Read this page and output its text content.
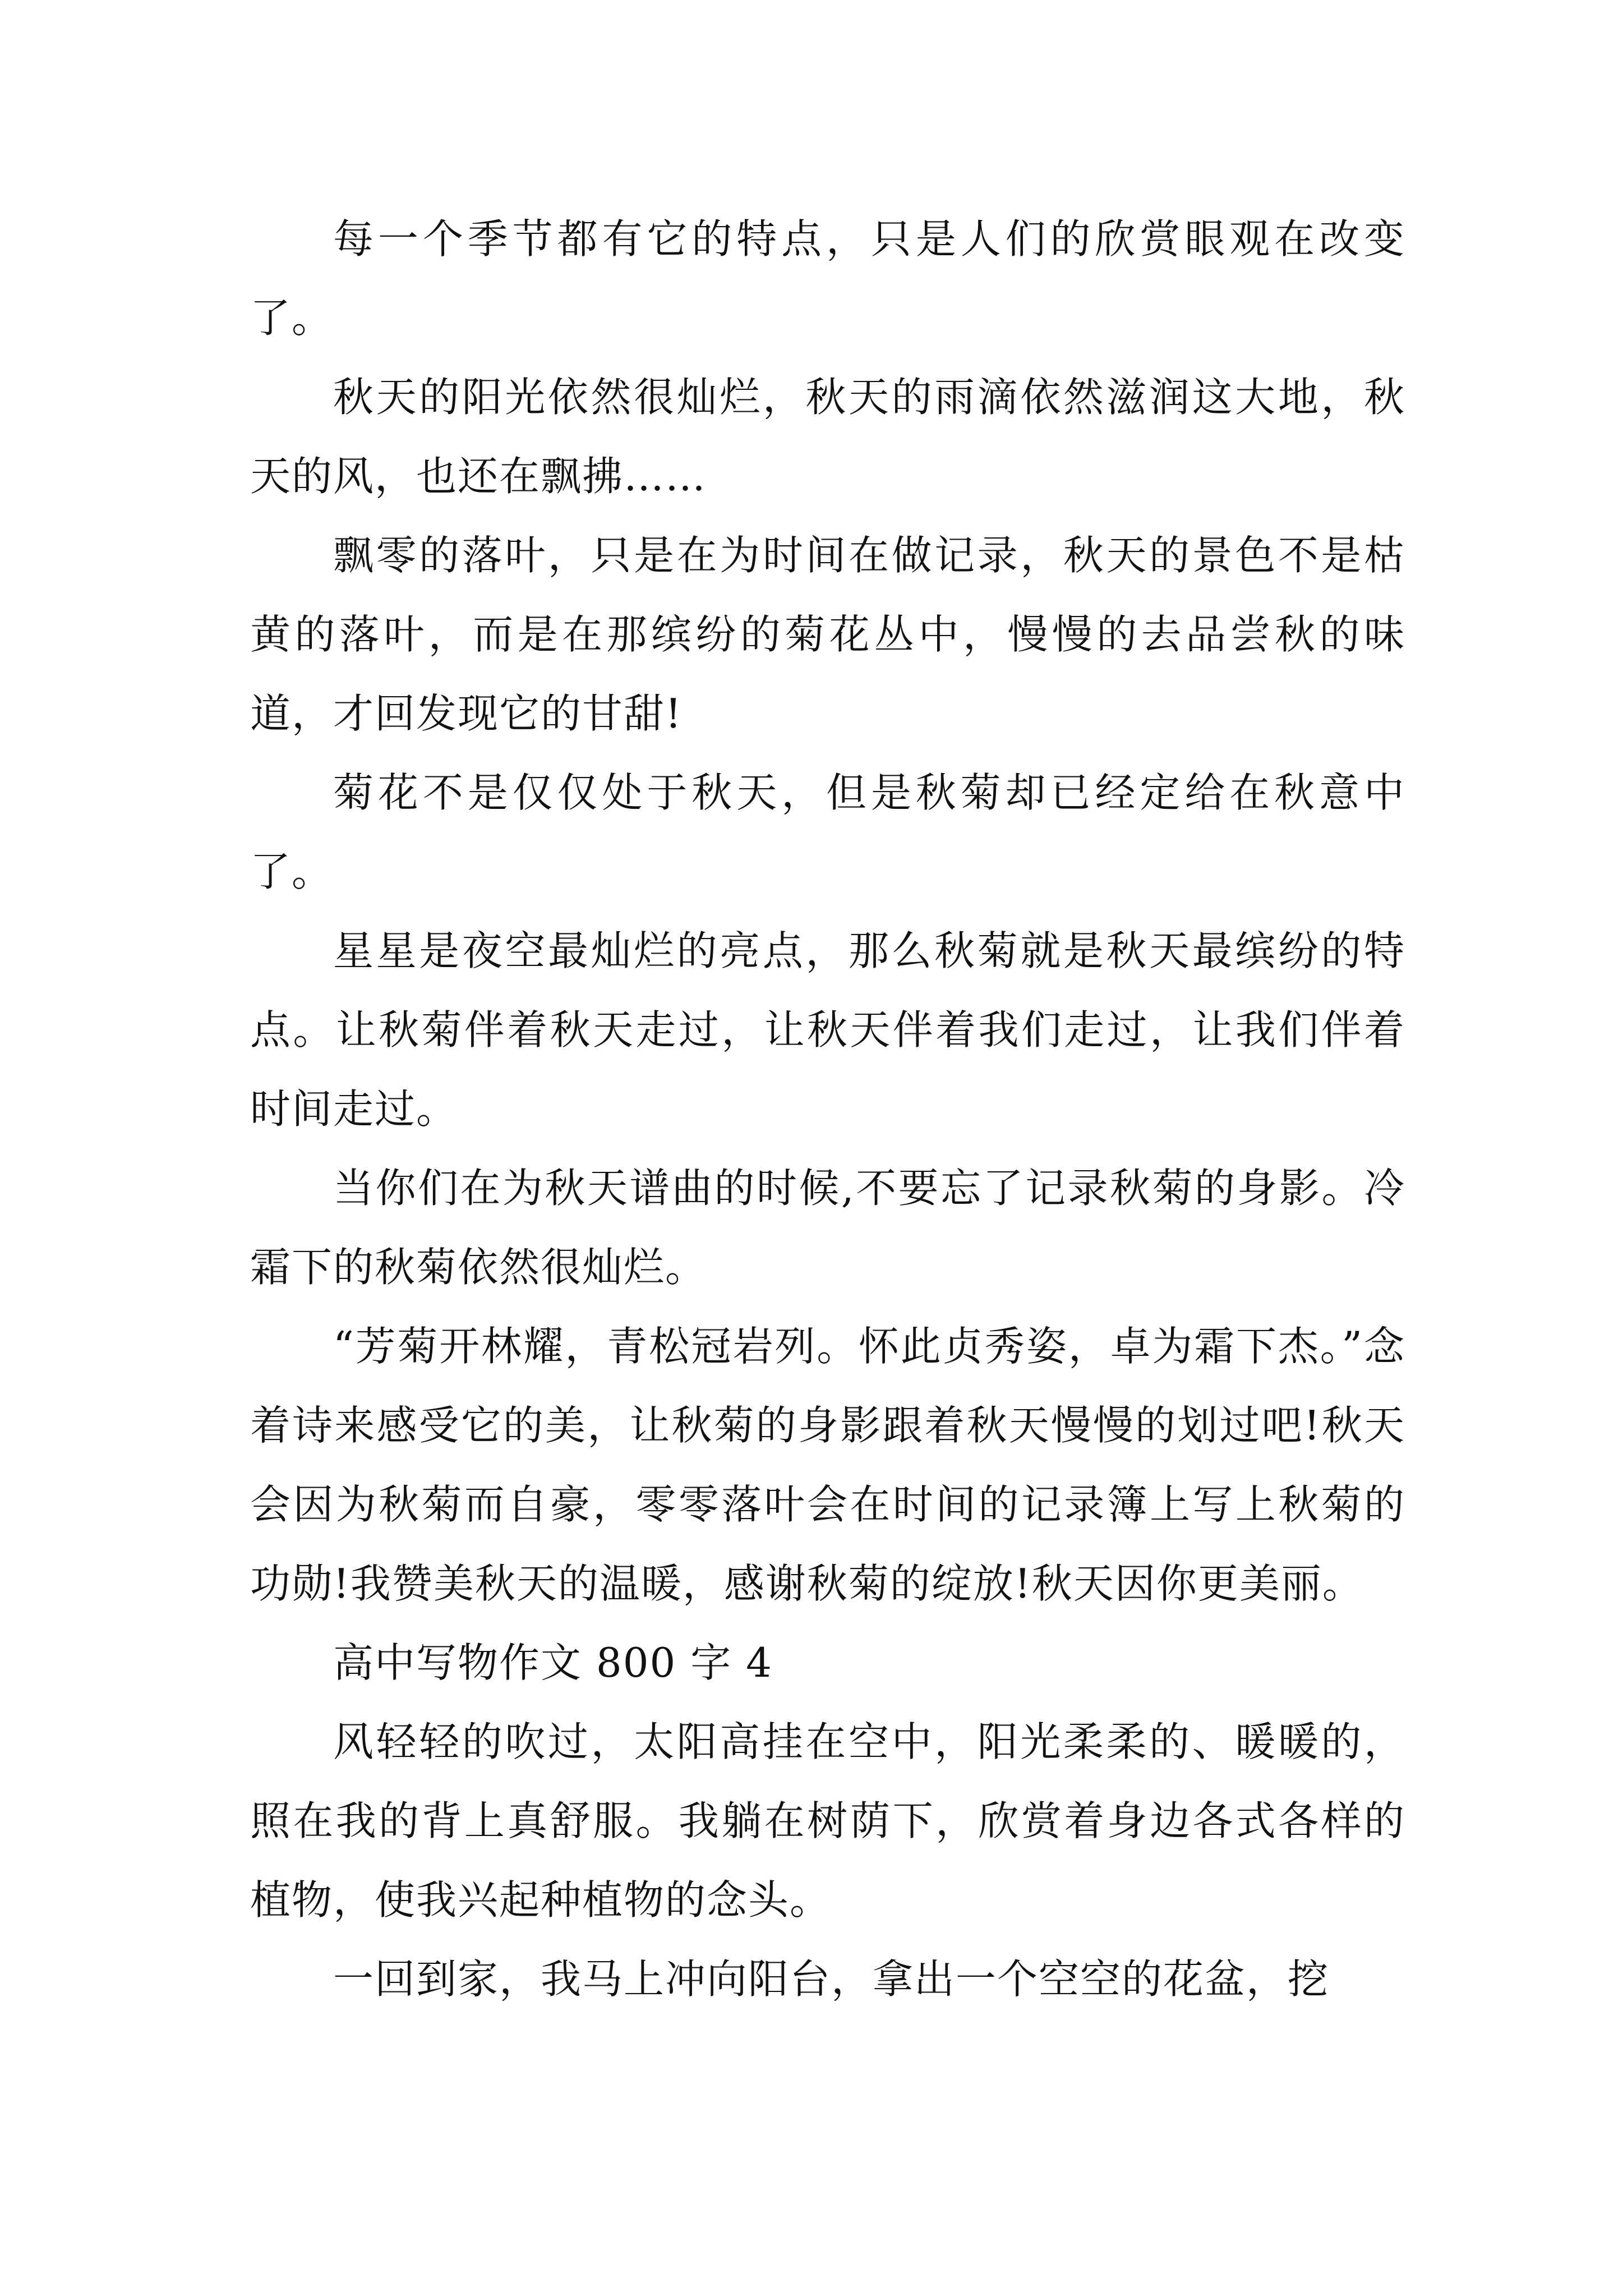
每一个季节都有它的特点，只是人们的欣赏眼观在改变了。

秋天的阳光依然很灿烂，秋天的雨滴依然滋润这大地，秋天的风，也还在飘拂……

飘零的落叶，只是在为时间在做记录，秋天的景色不是枯黄的落叶，而是在那缤纷的菊花丛中，慢慢的去品尝秋的味道，才回发现它的甘甜!

菊花不是仅仅处于秋天，但是秋菊却已经定给在秋意中了。

星星是夜空最灿烂的亮点，那么秋菊就是秋天最缤纷的特点。让秋菊伴着秋天走过，让秋天伴着我们走过，让我们伴着时间走过。

当你们在为秋天谱曲的时候,不要忘了记录秋菊的身影。冷霜下的秋菊依然很灿烂。

“芳菊开林耀，青松冠岩列。怀此贞秀姿，卓为霜下杰。”念着诗来感受它的美，让秋菊的身影跟着秋天慢慢的划过吧!秋天会因为秋菊而自豪，零零落叶会在时间的记录簿上写上秋菊的功勋!我赞美秋天的温暖，感谢秋菊的绽放!秋天因你更美丽。

高中写物作文 800 字 4

风轻轻的吹过，太阳高挂在空中，阳光柔柔的、暖暖的，照在我的背上真舒服。我躺在树荫下，欣赏着身边各式各样的植物，使我兴起种植物的念头。

一回到家，我马上冲向阳台，拿出一个空空的花盆，挖
